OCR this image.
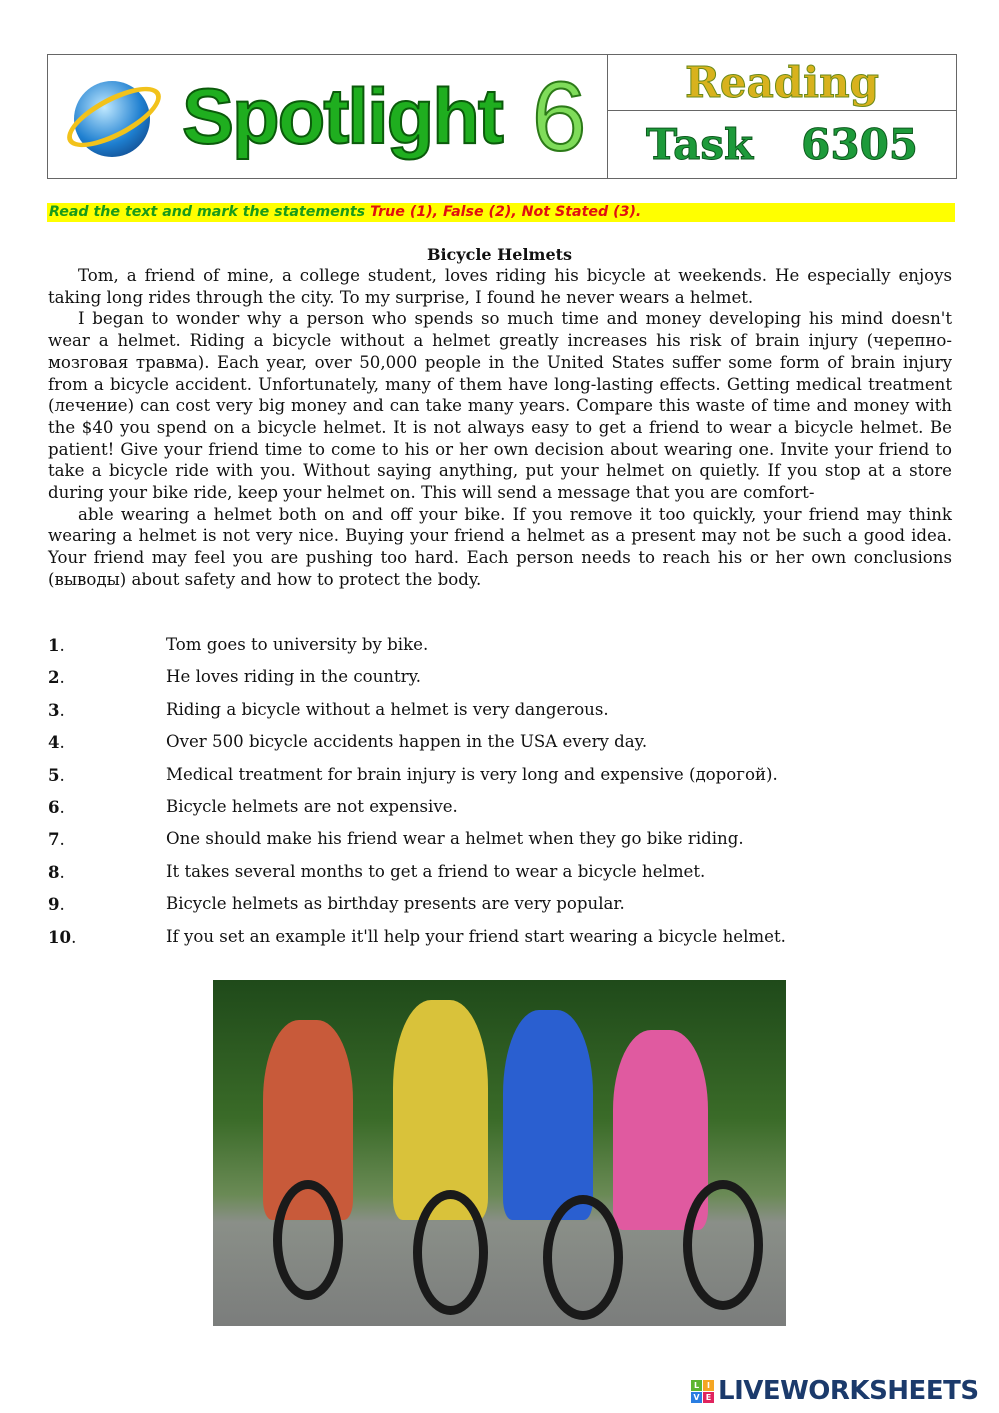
Spotlight 6	Reading
Task 6305
Read the text and mark the statements True (1), False (2), Not Stated (3).
Bicycle Helmets

Tom, a friend of mine, a college student, loves riding his bicycle at weekends. He especially enjoys taking long rides through the city. To my surprise, I found he never wears a helmet.

I began to wonder why a person who spends so much time and money developing his mind doesn't wear a helmet. Riding a bicycle without a helmet greatly increases his risk of brain injury (черепно-мозговая травма). Each year, over 50,000 people in the United States suffer some form of brain injury from a bicycle accident. Unfortunately, many of them have long-lasting effects. Getting medical treatment (лечение) can cost very big money and can take many years. Compare this waste of time and money with the $40 you spend on a bicycle helmet. It is not always easy to get a friend to wear a bicycle helmet. Be patient! Give your friend time to come to his or her own decision about wearing one. Invite your friend to take a bicycle ride with you. Without saying anything, put your helmet on quietly. If you stop at a store during your bike ride, keep your helmet on. This will send a message that you are comfort-

able wearing a helmet both on and off your bike. If you remove it too quickly, your friend may think wearing a helmet is not very nice. Buying your friend a helmet as a present may not be such a good idea. Your friend may feel you are pushing too hard. Each person needs to reach his or her own conclusions (выводы) about safety and how to protect the body.

1.	Tom goes to university by bike.
2.	He loves riding in the country.
3.	Riding a bicycle without a helmet is very dangerous.
4.	Over 500 bicycle accidents happen in the USA every day.
5.	Medical treatment for brain injury is very long and expensive (дорогой).
6.	Bicycle helmets are not expensive.
7.	One should make his friend wear a helmet when they go bike riding.
8.	It takes several months to get a friend to wear a bicycle helmet.
9.	Bicycle helmets as birthday presents are very popular.
10.	If you set an example it'll help your friend start wearing a bicycle helmet.
L I
V E LIVEWORKSHEETS
